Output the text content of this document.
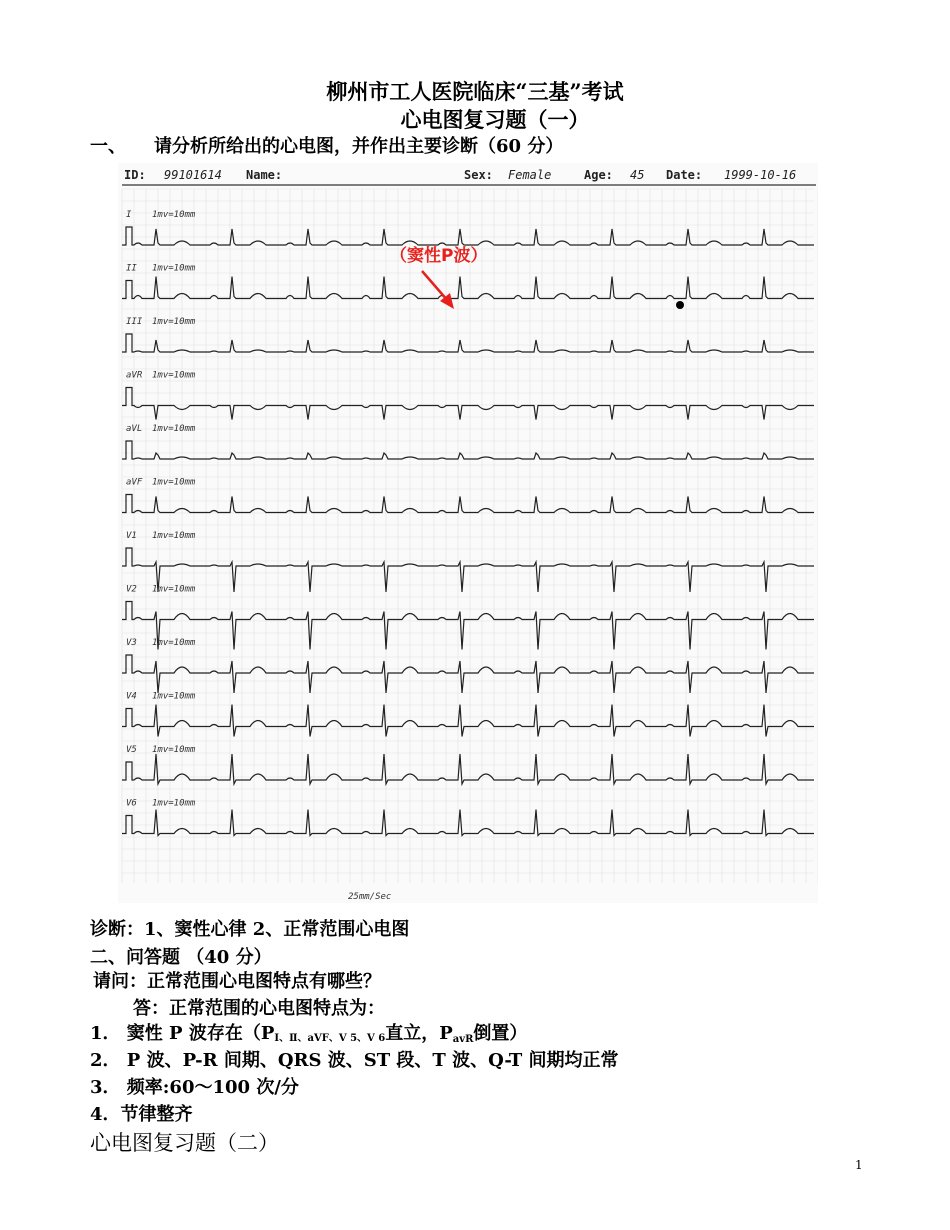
柳州市工人医院临床“三基”考试
心电图复习题（一）
一、 请分析所给出的心电图，并作出主要诊断（60 分）
ID: 99101614 Name:	Sex: Female	Age: 45 Date: 1999-10-16
I 1mv=10mm
II 1mv=10mm
III 1mv=10mm
aVR 1mv=10mm
aVL 1mv=10mm
aVF 1mv=10mm
V1 1mv=10mm
V2 1mv=10mm
V3 1mv=10mm
V4 1mv=10mm
V5 1mv=10mm
V6 1mv=10mm
（窦性P波）
25mm/Sec
诊断：1、窦性心律 2、正常范围心电图
二、问答题 （40 分）
请问：正常范围心电图特点有哪些？
答：正常范围的心电图特点为：
1． 窦性 P 波存在（PⅠ、Ⅱ、aVF、V 5、V 6直立，$P_{avR}$倒置）
2． P 波、P-R 间期、QRS 波、ST 段、T 波、Q-T 间期均正常
3． 频率:60～100 次/分
4．节律整齐
心电图复习题（二）
1
